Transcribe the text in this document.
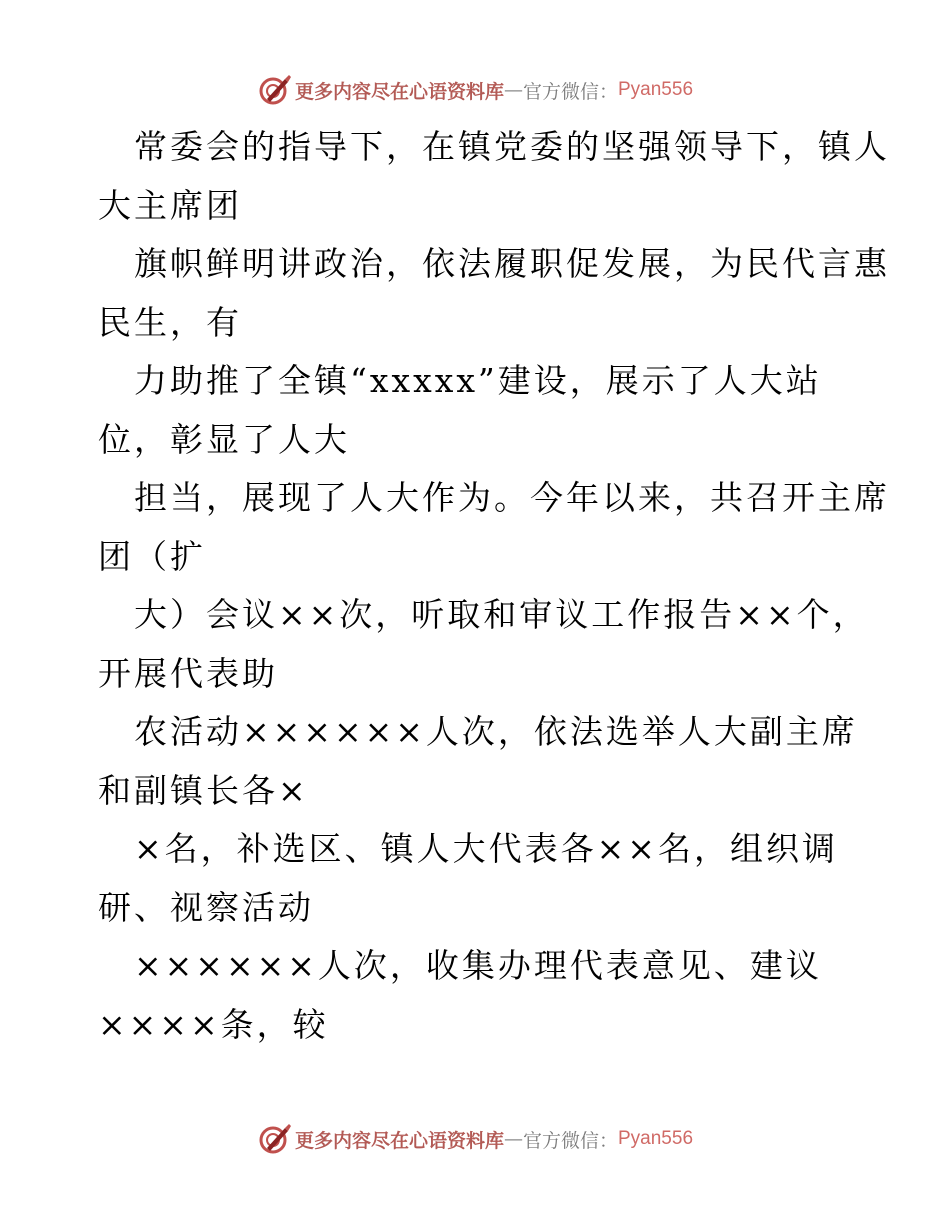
更多内容尽在心语资料库 — 官方微信： Pyan556
常委会的指导下，在镇党委的坚强领导下，镇人
大主席团
旗帜鲜明讲政治，依法履职促发展，为民代言惠
民生，有
力助推了全镇“xxxxx”建设，展示了人大站
位，彰显了人大
担当，展现了人大作为。今年以来，共召开主席
团（扩
大）会议××次，听取和审议工作报告××个，
开展代表助
农活动××××××人次，依法选举人大副主席
和副镇长各×
×名，补选区、镇人大代表各××名，组织调
研、视察活动
××××××人次，收集办理代表意见、建议
××××条，较
更多内容尽在心语资料库 — 官方微信： Pyan556
